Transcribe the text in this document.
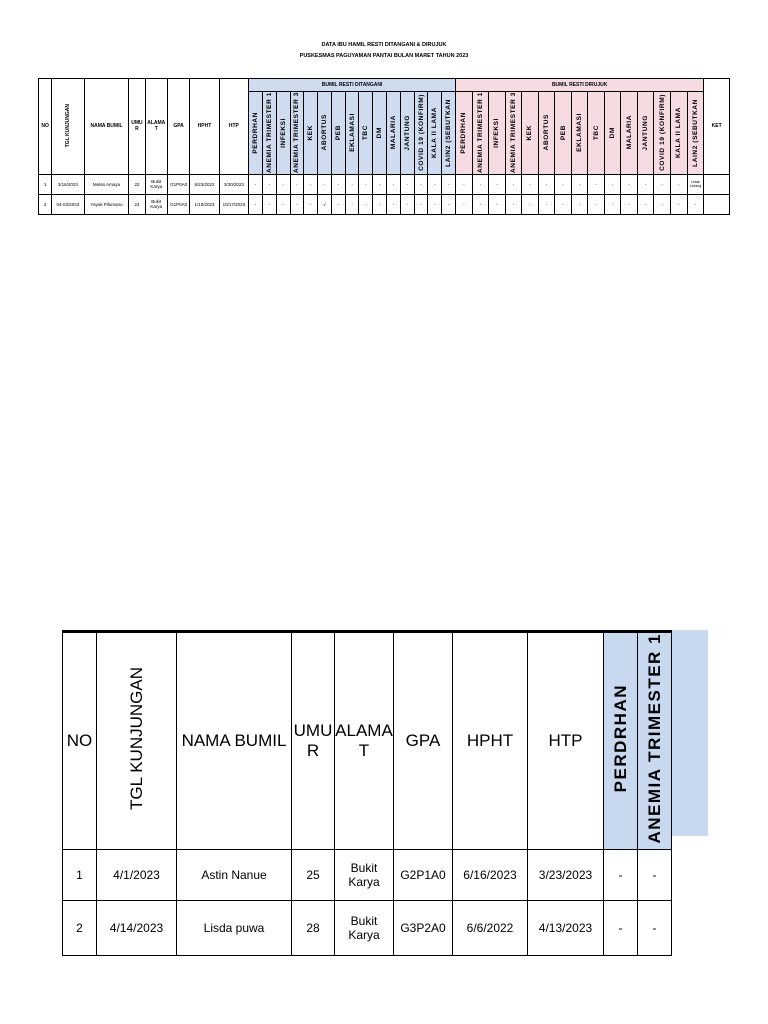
DATA IBU HAMIL RESTI DITANGANI & DIRUJUK
PUSKESMAS PAGUYAMAN PANTAI BULAN MARET TAHUN 2023
NO	TGL KUNJUNGAN	NAMA BUMIL	UMU R	ALAMA T	GPA	HPHT	HTP	BUMIL RESTI DITANGANI															BUMIL RESTI DIRUJUK															KET
								PERDRHAN	ANEMIA TRIMESTER 1	INFEKSI	ANEMIA TRIMESTER 3	KEK	ABORTUS	PEB	EKLAMASI	TBC	DM	MALARIA	JANTUNG	COVID 19 (KONFIRM)	KALA II LAMA	LAIN2 (SEBUTKAN	PERDRHAN	ANEMIA TRIMESTER 1	INFEKSI	ANEMIA TRIMESTER 3	KEK	ABORTUS	PEB	EKLAMASI	TBC	DM	MALARIA	JANTUNG	COVID 19 (KONFIRM)	KALA II LAMA	LAIN2 (SEBUTKAN	
1	3/16/2023	Melan Amaya	22	Bukit Karya	G1P0A0	6/23/2022	3/30/2023	-	-	-	-	-	-	-	-	-	-	-	-	-	-	-	-	-	-	-	-	-	-	-	-	-	-	-	-	-	Letak Lintang	
2	04-03/2023	Yayuk Pilumanu	24	Bukit Karya	G1P0A0	1/10/2023	10/17/2023	-	-	-	-	-	√	-	-	-	-	-	-	-	-	-	-	-	-	-	-	-	-	-	-	-	-	-	-	-	-	
NO	TGL KUNJUNGAN	NAMA BUMIL	UMU R	ALAMA T	GPA	HPHT	HTP	PERDRHAN	ANEMIA TRIMESTER 1
1	4/1/2023	Astin Nanue	25	Bukit Karya	G2P1A0	6/16/2023	3/23/2023	-	-
2	4/14/2023	Lisda puwa	28	Bukit Karya	G3P2A0	6/6/2022	4/13/2023	-	-
